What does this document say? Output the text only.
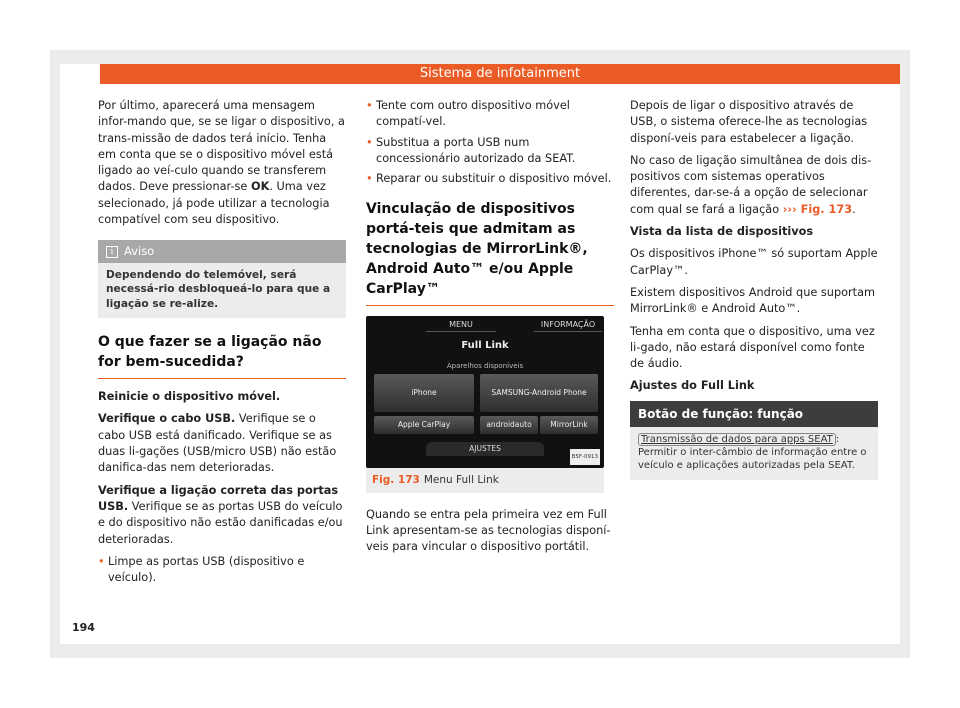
Sistema de infotainment

Por último, aparecerá uma mensagem infor-mando que, se se ligar o dispositivo, a trans-missão de dados terá início. Tenha em conta que se o dispositivo móvel está ligado ao veí-culo quando se transferem dados. Deve pressionar-se OK. Uma vez selecionado, já pode utilizar a tecnologia compatível com seu dispositivo.

i Aviso
Dependendo do telemóvel, será necessá-rio desbloqueá-lo para que a ligação se re-alize.
O que fazer se a ligação não for bem-sucedida?

Reinicie o dispositivo móvel.

Verifique o cabo USB. Verifique se o cabo USB está danificado. Verifique se as duas li-gações (USB/micro USB) não estão danifica-das nem deterioradas.

Verifique a ligação correta das portas USB. Verifique se as portas USB do veículo e do dispositivo não estão danificadas e/ou deterioradas.

• Limpe as portas USB (dispositivo e veículo).
• Tente com outro dispositivo móvel compatí-vel.
• Substitua a porta USB num concessionário autorizado da SEAT.
• Reparar ou substituir o dispositivo móvel.
Vinculação de dispositivos portá-teis que admitam as tecnologias de MirrorLink®, Android Auto™ e/ou Apple CarPlay™
MENU	INFORMAÇÃO
Full Link
Aparelhos disponíveis
iPhone	SAMSUNG-Android Phone
Apple CarPlay	androidauto	MirrorLink
AJUSTES
B5F-0913
Fig. 173 Menu Full Link

Quando se entra pela primeira vez em Full Link apresentam-se as tecnologias disponí-veis para vincular o dispositivo portátil.

Depois de ligar o dispositivo através de USB, o sistema oferece-lhe as tecnologias disponí-veis para estabelecer a ligação.

No caso de ligação simultânea de dois dis-positivos com sistemas operativos diferentes, dar-se-á a opção de selecionar com qual se fará a ligação ››› Fig. 173.

Vista da lista de dispositivos

Os dispositivos iPhone™ só suportam Apple CarPlay™.

Existem dispositivos Android que suportam MirrorLink® e Android Auto™.

Tenha em conta que o dispositivo, uma vez li-gado, não estará disponível como fonte de áudio.

Ajustes do Full Link

Botão de função: função
Transmissão de dados para apps SEAT : Permitir o inter-câmbio de informação entre o veículo e aplicações autorizadas pela SEAT.
194
